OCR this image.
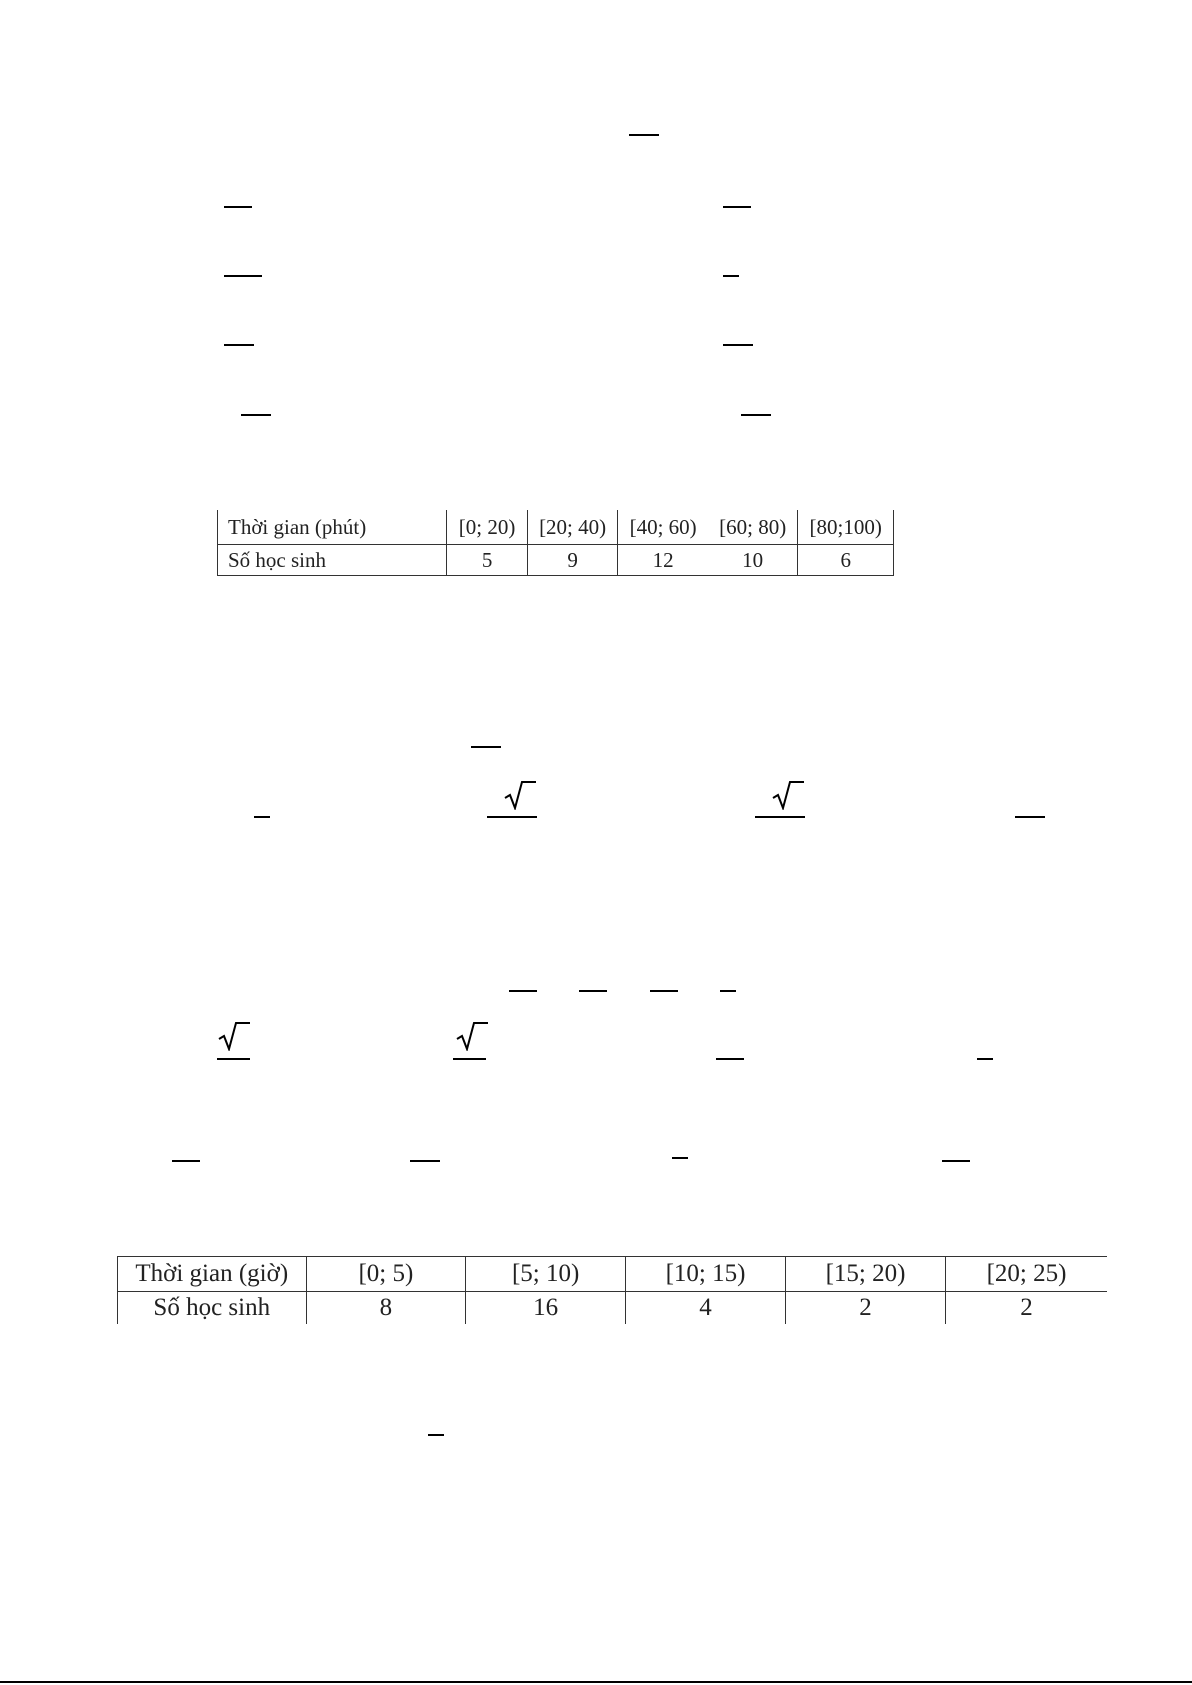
Thời gian (phút)	[0; 20)	[20; 40)	[40; 60)	[60; 80)	[80;100)
Số học sinh	5	9	12	10	6
Thời gian (giờ)	[0; 5)	[5; 10)	[10; 15)	[15; 20)	[20; 25)
Số học sinh	8	16	4	2	2
